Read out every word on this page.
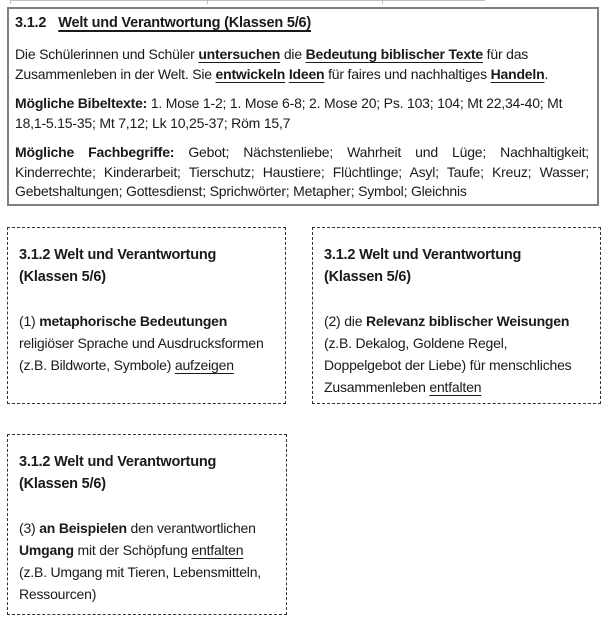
3.1.2 Welt und Verantwortung (Klassen 5/6)

Die Schülerinnen und Schüler untersuchen die Bedeutung biblischer Texte für das Zusammenleben in der Welt. Sie entwickeln Ideen für faires und nachhaltiges Handeln.

Mögliche Bibeltexte: 1. Mose 1-2; 1. Mose 6-8; 2. Mose 20; Ps. 103; 104; Mt 22,34-40; Mt 18,1-5.15-35; Mt 7,12; Lk 10,25-37; Röm 15,7

Mögliche Fachbegriffe: Gebot; Nächstenliebe; Wahrheit und Lüge; Nachhaltigkeit; Kinderrechte; Kinderarbeit; Tierschutz; Haustiere; Flüchtlinge; Asyl; Taufe; Kreuz; Wasser; Gebetshaltungen; Gottesdienst; Sprichwörter; Metapher; Symbol; Gleichnis

3.1.2 Welt und Verantwortung
(Klassen 5/6)

(1) metaphorische Bedeutungen religiöser Sprache und Ausdrucksformen (z.B. Bildworte, Symbole) aufzeigen

3.1.2 Welt und Verantwortung
(Klassen 5/6)

(2) die Relevanz biblischer Weisungen (z.B. Dekalog, Goldene Regel, Doppelgebot der Liebe) für menschliches Zusammenleben entfalten

3.1.2 Welt und Verantwortung
(Klassen 5/6)

(3) an Beispielen den verantwortlichen Umgang mit der Schöpfung entfalten (z.B. Umgang mit Tieren, Lebensmitteln, Ressourcen)
